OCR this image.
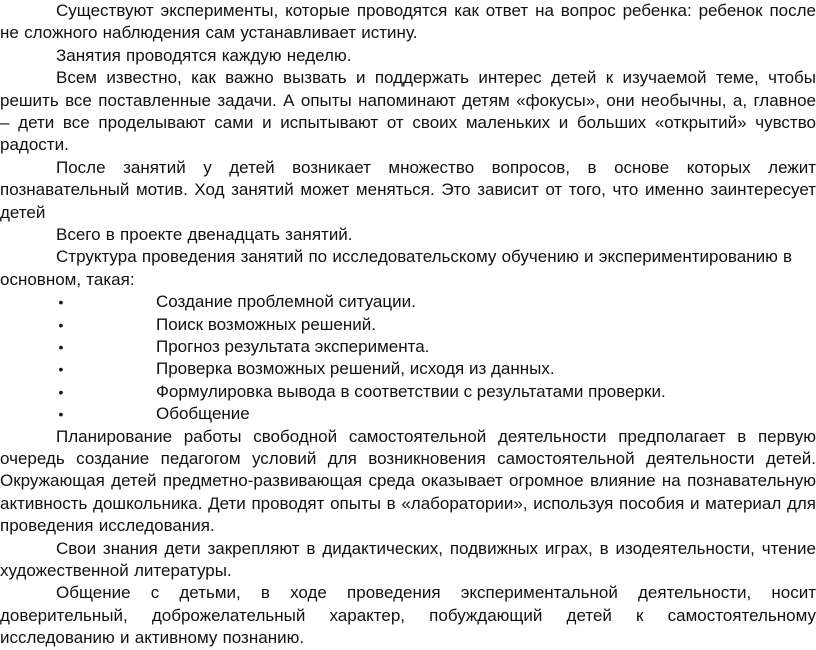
Существуют эксперименты, которые проводятся как ответ на вопрос ребенка: ребенок после не сложного наблюдения сам устанавливает истину.

Занятия проводятся каждую неделю.

Всем известно, как важно вызвать и поддержать интерес детей к изучаемой теме, чтобы решить все поставленные задачи. А опыты напоминают детям «фокусы», они необычны, а, главное – дети все проделывают сами и испытывают от своих маленьких и больших «открытий» чувство радости.

После занятий у детей возникает множество вопросов, в основе которых лежит познавательный мотив. Ход занятий может меняться. Это зависит от того, что именно заинтересует детей

Всего в проекте двенадцать занятий.

Структура проведения занятий по исследовательскому обучению и экспериментированию в основном, такая:

•	Создание проблемной ситуации.
•	Поиск возможных решений.
•	Прогноз результата эксперимента.
•	Проверка возможных решений, исходя из данных.
•	Формулировка вывода в соответствии с результатами проверки.
•	Обобщение

Планирование работы свободной самостоятельной деятельности предполагает в первую очередь создание педагогом условий для возникновения самостоятельной деятельности детей. Окружающая детей предметно-развивающая среда оказывает огромное влияние на познавательную активность дошкольника. Дети проводят опыты в «лаборатории», используя пособия и материал для проведения исследования.

Свои знания дети закрепляют в дидактических, подвижных играх, в изодеятельности, чтение художественной литературы.

Общение с детьми, в ходе проведения экспериментальной деятельности, носит доверительный, доброжелательный характер, побуждающий детей к самостоятельному исследованию и активному познанию.
